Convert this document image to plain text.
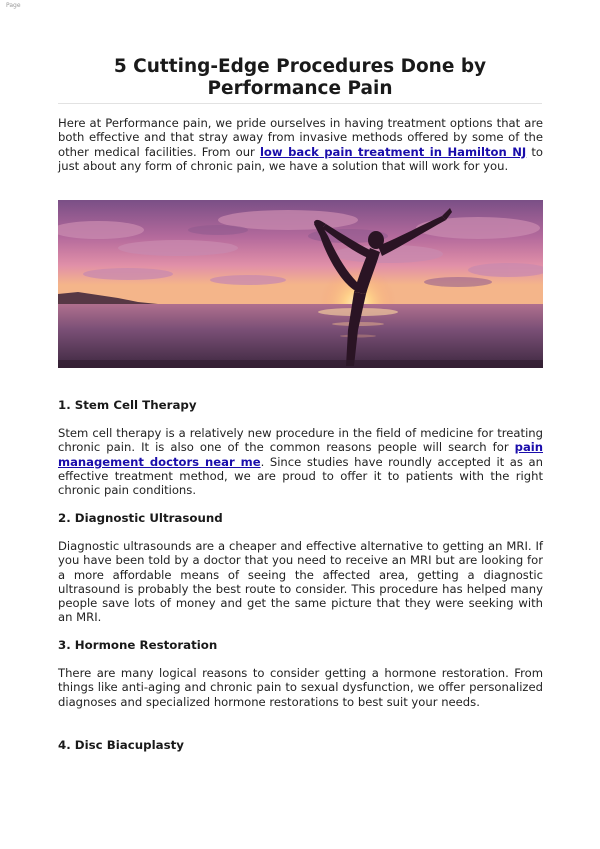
Page
5 Cutting-Edge Procedures Done by Performance Pain

Here at Performance pain, we pride ourselves in having treatment options that are both effective and that stray away from invasive methods offered by some of the other medical facilities. From our low back pain treatment in Hamilton NJ to just about any form of chronic pain, we have a solution that will work for you.

1. Stem Cell Therapy

Stem cell therapy is a relatively new procedure in the field of medicine for treating chronic pain. It is also one of the common reasons people will search for pain management doctors near me. Since studies have roundly accepted it as an effective treatment method, we are proud to offer it to patients with the right chronic pain conditions.

2. Diagnostic Ultrasound

Diagnostic ultrasounds are a cheaper and effective alternative to getting an MRI. If you have been told by a doctor that you need to receive an MRI but are looking for a more affordable means of seeing the affected area, getting a diagnostic ultrasound is probably the best route to consider. This procedure has helped many people save lots of money and get the same picture that they were seeking with an MRI.

3. Hormone Restoration

There are many logical reasons to consider getting a hormone restoration. From things like anti-aging and chronic pain to sexual dysfunction, we offer personalized diagnoses and specialized hormone restorations to best suit your needs.

4. Disc Biacuplasty
